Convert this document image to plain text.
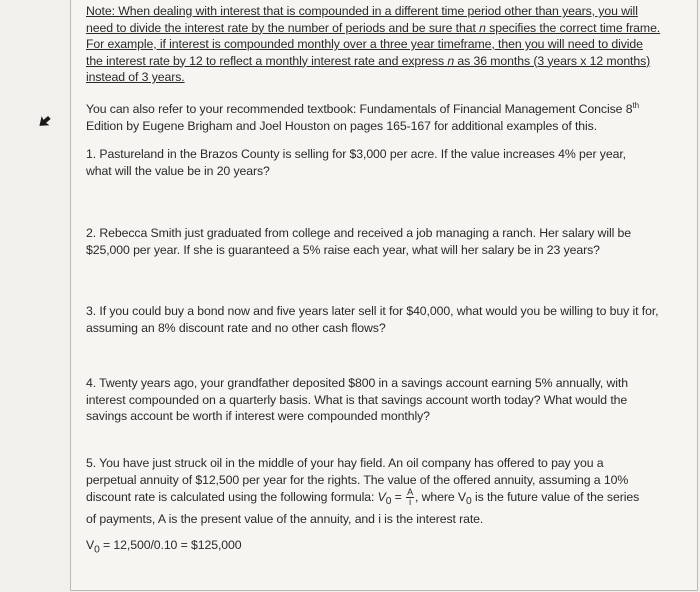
Note: When dealing with interest that is compounded in a different time period other than years, you will need to divide the interest rate by the number of periods and be sure that n specifies the correct time frame. For example, if interest is compounded monthly over a three year timeframe, then you will need to divide the interest rate by 12 to reflect a monthly interest rate and express n as 36 months (3 years x 12 months) instead of 3 years.
You can also refer to your recommended textbook: Fundamentals of Financial Management Concise 8th Edition by Eugene Brigham and Joel Houston on pages 165-167 for additional examples of this.
1. Pastureland in the Brazos County is selling for $3,000 per acre. If the value increases 4% per year, what will the value be in 20 years?
2. Rebecca Smith just graduated from college and received a job managing a ranch. Her salary will be $25,000 per year. If she is guaranteed a 5% raise each year, what will her salary be in 23 years?
3. If you could buy a bond now and five years later sell it for $40,000, what would you be willing to buy it for, assuming an 8% discount rate and no other cash flows?
4. Twenty years ago, your grandfather deposited $800 in a savings account earning 5% annually, with interest compounded on a quarterly basis. What is that savings account worth today? What would the savings account be worth if interest were compounded monthly?
5. You have just struck oil in the middle of your hay field. An oil company has offered to pay you a perpetual annuity of $12,500 per year for the rights. The value of the offered annuity, assuming a 10% discount rate is calculated using the following formula: $V_0 = \frac{A}{i}$ , where $V_0$ is the future value of the series of payments, A is the present value of the annuity, and i is the interest rate.
$V_0 = 12,500/0.10$ = $125,000
